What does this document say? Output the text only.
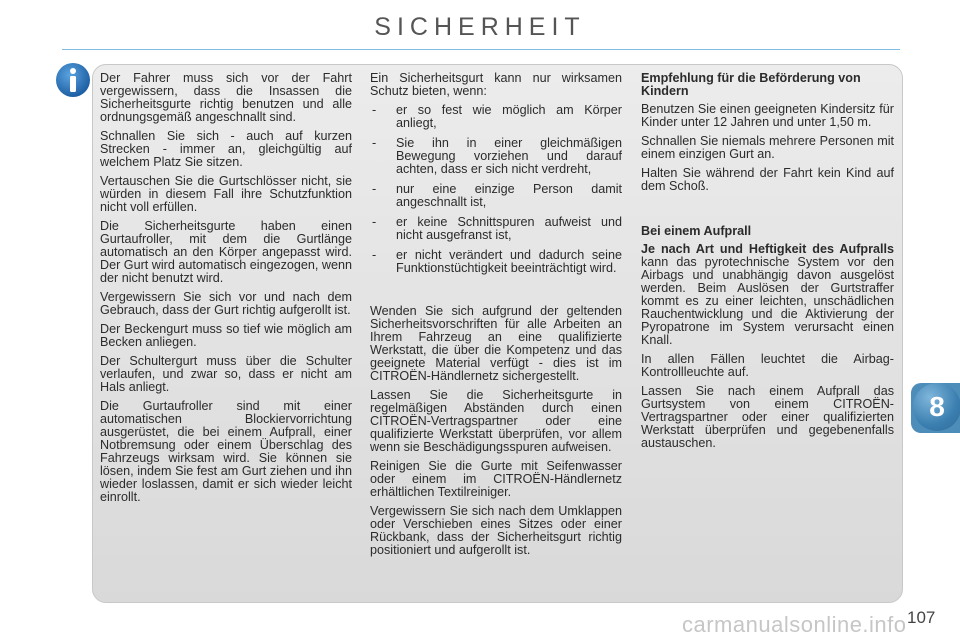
SICHERHEIT

Der Fahrer muss sich vor der Fahrt vergewissern, dass die Insassen die Sicherheitsgurte richtig benutzen und alle ordnungsgemäß angeschnallt sind.

Schnallen Sie sich - auch auf kurzen Strecken - immer an, gleichgültig auf welchem Platz Sie sitzen.

Vertauschen Sie die Gurtschlösser nicht, sie würden in diesem Fall ihre Schutzfunktion nicht voll erfüllen.

Die Sicherheitsgurte haben einen Gurtaufroller, mit dem die Gurtlänge automatisch an den Körper angepasst wird. Der Gurt wird automatisch eingezogen, wenn der nicht benutzt wird.

Vergewissern Sie sich vor und nach dem Gebrauch, dass der Gurt richtig aufgerollt ist.

Der Beckengurt muss so tief wie möglich am Becken anliegen.

Der Schultergurt muss über die Schulter verlaufen, und zwar so, dass er nicht am Hals anliegt.

Die Gurtaufroller sind mit einer automatischen Blockiervorrichtung ausgerüstet, die bei einem Aufprall, einer Notbremsung oder einem Überschlag des Fahrzeugs wirksam wird. Sie können sie lösen, indem Sie fest am Gurt ziehen und ihn wieder loslassen, damit er sich wieder leicht einrollt.

Ein Sicherheitsgurt kann nur wirksamen Schutz bieten, wenn:

- er so fest wie möglich am Körper anliegt,
- Sie ihn in einer gleichmäßigen Bewegung vorziehen und darauf achten, dass er sich nicht verdreht,
- nur eine einzige Person damit angeschnallt ist,
- er keine Schnittspuren aufweist und nicht ausgefranst ist,
- er nicht verändert und dadurch seine Funktionstüchtigkeit beeinträchtigt wird.

Wenden Sie sich aufgrund der geltenden Sicherheitsvorschriften für alle Arbeiten an Ihrem Fahrzeug an eine qualifizierte Werkstatt, die über die Kompetenz und das geeignete Material verfügt - dies ist im CITROËN-Händlernetz sichergestellt.

Lassen Sie die Sicherheitsgurte in regelmäßigen Abständen durch einen CITROËN-Vertragspartner oder eine qualifizierte Werkstatt überprüfen, vor allem wenn sie Beschädigungsspuren aufweisen.

Reinigen Sie die Gurte mit Seifenwasser oder einem im CITROËN-Händlernetz erhältlichen Textilreiniger.

Vergewissern Sie sich nach dem Umklappen oder Verschieben eines Sitzes oder einer Rückbank, dass der Sicherheitsgurt richtig positioniert und aufgerollt ist.

Empfehlung für die Beförderung von Kindern

Benutzen Sie einen geeigneten Kindersitz für Kinder unter 12 Jahren und unter 1,50 m.

Schnallen Sie niemals mehrere Personen mit einem einzigen Gurt an.

Halten Sie während der Fahrt kein Kind auf dem Schoß.

Bei einem Aufprall

Je nach Art und Heftigkeit des Aufpralls kann das pyrotechnische System vor den Airbags und unabhängig davon ausgelöst werden. Beim Auslösen der Gurtstraffer kommt es zu einer leichten, unschädlichen Rauchentwicklung und die Aktivierung der Pyropatrone im System verursacht einen Knall.

In allen Fällen leuchtet die Airbag-Kontrollleuchte auf.

Lassen Sie nach einem Aufprall das Gurtsystem von einem CITROËN-Vertragspartner oder einer qualifizierten Werkstatt überprüfen und gegebenenfalls austauschen.

8
carmanualsonline.info 107
